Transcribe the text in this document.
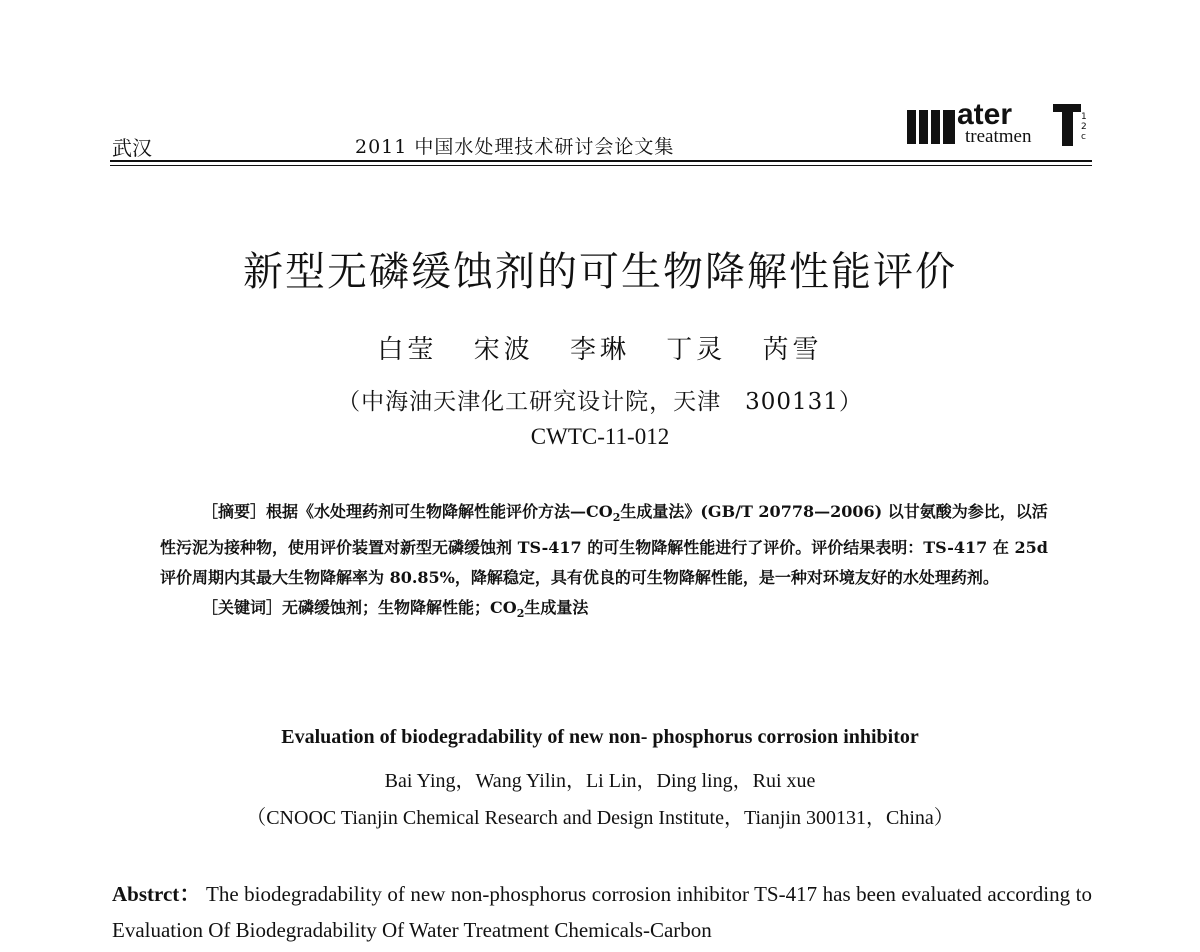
武汉	2011 中国水处理技术研讨会论文集
ater
treatmen
1 2 c
新型无磷缓蚀剂的可生物降解性能评价
白莹 宋波 李琳 丁灵 芮雪
（中海油天津化工研究设计院，天津　300131）
CWTC-11-012

［摘要］根据《水处理药剂可生物降解性能评价方法$—CO_2$生成量法》(GB/T 20778—2006) 以甘氨酸为参比，以活性污泥为接种物，使用评价装置对新型无磷缓蚀剂 TS-417 的可生物降解性能进行了评价。评价结果表明：TS-417 在 25d 评价周期内其最大生物降解率为 80.85%，降解稳定，具有优良的可生物降解性能，是一种对环境友好的水处理药剂。

［关键词］无磷缓蚀剂；生物降解性能；$CO_2$生成量法

Evaluation of biodegradability of new non- phosphorus corrosion inhibitor
Bai Ying，Wang Yilin，Li Lin，Ding ling，Rui xue
（CNOOC Tianjin Chemical Research and Design Institute，Tianjin 300131，China）
Abstrct： The biodegradability of new non-phosphorus corrosion inhibitor TS-417 has been evaluated according to Evaluation Of Biodegradability Of Water Treatment Chemicals-Carbon
